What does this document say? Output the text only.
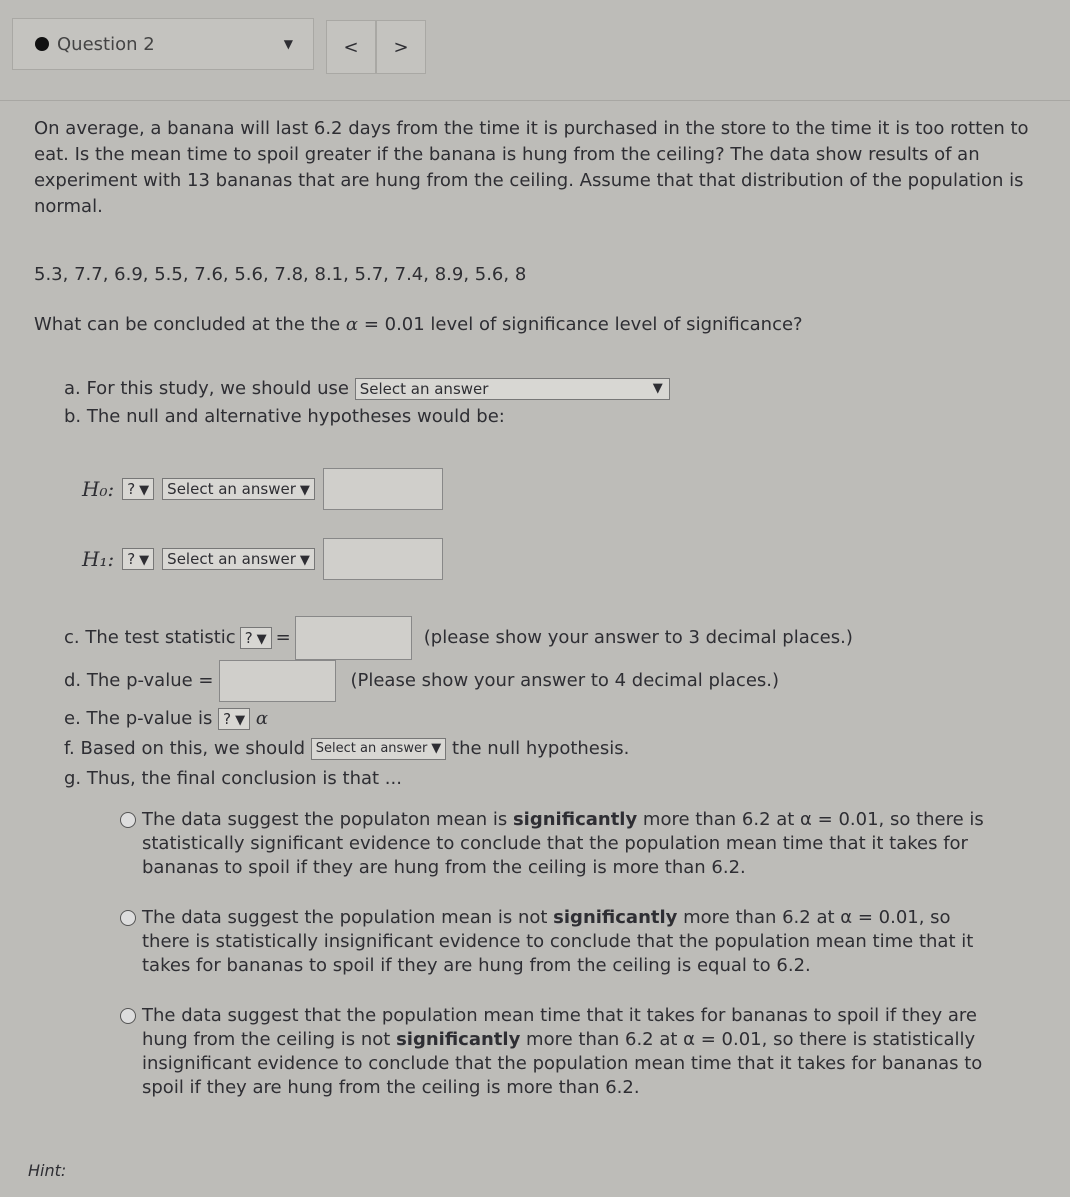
Question 2	▼	<	>
On average, a banana will last 6.2 days from the time it is purchased in the store to the time it is too rotten to eat. Is the mean time to spoil greater if the banana is hung from the ceiling? The data show results of an experiment with 13 bananas that are hung from the ceiling. Assume that that distribution of the population is normal.
5.3, 7.7, 6.9, 5.5, 7.6, 5.6, 7.8, 8.1, 5.7, 7.4, 8.9, 5.6, 8
What can be concluded at the the α = 0.01 level of significance level of significance?
a. For this study, we should use Select an answer	▼
b. The null and alternative hypotheses would be:
H₀: ? ▼	Select an answer ▼
H₁: ? ▼	Select an answer ▼
c. The test statistic ? ▼ =	(please show your answer to 3 decimal places.)
d. The p-value =	(Please show your answer to 4 decimal places.)
e. The p-value is ? ▼ α
f. Based on this, we should Select an answer ▼ the null hypothesis.
g. Thus, the final conclusion is that ...
The data suggest the populaton mean is significantly more than 6.2 at α = 0.01, so there is statistically significant evidence to conclude that the population mean time that it takes for bananas to spoil if they are hung from the ceiling is more than 6.2.
The data suggest the population mean is not significantly more than 6.2 at α = 0.01, so there is statistically insignificant evidence to conclude that the population mean time that it takes for bananas to spoil if they are hung from the ceiling is equal to 6.2.
The data suggest that the population mean time that it takes for bananas to spoil if they are hung from the ceiling is not significantly more than 6.2 at α = 0.01, so there is statistically insignificant evidence to conclude that the population mean time that it takes for bananas to spoil if they are hung from the ceiling is more than 6.2.
Hint:
